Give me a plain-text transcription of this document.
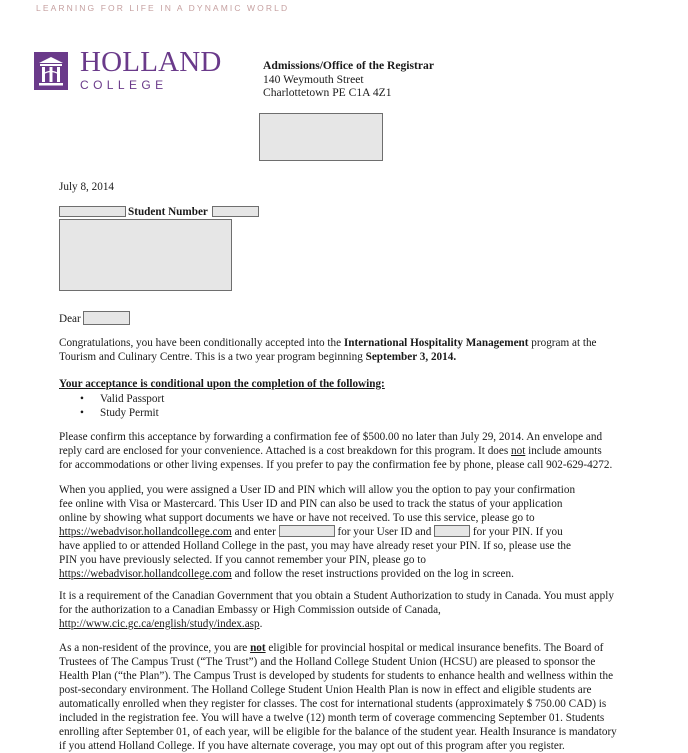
LEARNING FOR LIFE IN A DYNAMIC WORLD
HOLLAND
COLLEGE
Admissions/Office of the Registrar
140 Weymouth Street
Charlottetown PE C1A 4Z1
July 8, 2014
Student Number
Dear
Congratulations, you have been conditionally accepted into the International Hospitality Management program at the
Tourism and Culinary Centre. This is a two year program beginning September 3, 2014.
Your acceptance is conditional upon the completion of the following:
• Valid Passport
• Study Permit
Please confirm this acceptance by forwarding a confirmation fee of $500.00 no later than July 29, 2014. An envelope and
reply card are enclosed for your convenience. Attached is a cost breakdown for this program. It does not include amounts
for accommodations or other living expenses. If you prefer to pay the confirmation fee by phone, please call 902-629-4272.
When you applied, you were assigned a User ID and PIN which will allow you the option to pay your confirmation
fee online with Visa or Mastercard. This User ID and PIN can also be used to track the status of your application
online by showing what support documents we have or have not received. To use this service, please go to
https://webadvisor.hollandcollege.com and enter	for your User ID and	for your PIN. If you
have applied to or attended Holland College in the past, you may have already reset your PIN. If so, please use the
PIN you have previously selected. If you cannot remember your PIN, please go to
https://webadvisor.hollandcollege.com and follow the reset instructions provided on the log in screen.
It is a requirement of the Canadian Government that you obtain a Student Authorization to study in Canada. You must apply
for the authorization to a Canadian Embassy or High Commission outside of Canada,
http://www.cic.gc.ca/english/study/index.asp.
As a non-resident of the province, you are not eligible for provincial hospital or medical insurance benefits. The Board of
Trustees of The Campus Trust (“The Trust”) and the Holland College Student Union (HCSU) are pleased to sponsor the
Health Plan (“the Plan”). The Campus Trust is developed by students for students to enhance health and wellness within the
post-secondary environment. The Holland College Student Union Health Plan is now in effect and eligible students are
automatically enrolled when they register for classes. The cost for international students (approximately $ 750.00 CAD) is
included in the registration fee. You will have a twelve (12) month term of coverage commencing September 01. Students
enrolling after September 01, of each year, will be eligible for the balance of the student year. Health Insurance is mandatory
if you attend Holland College. If you have alternate coverage, you may opt out of this program after you register.
